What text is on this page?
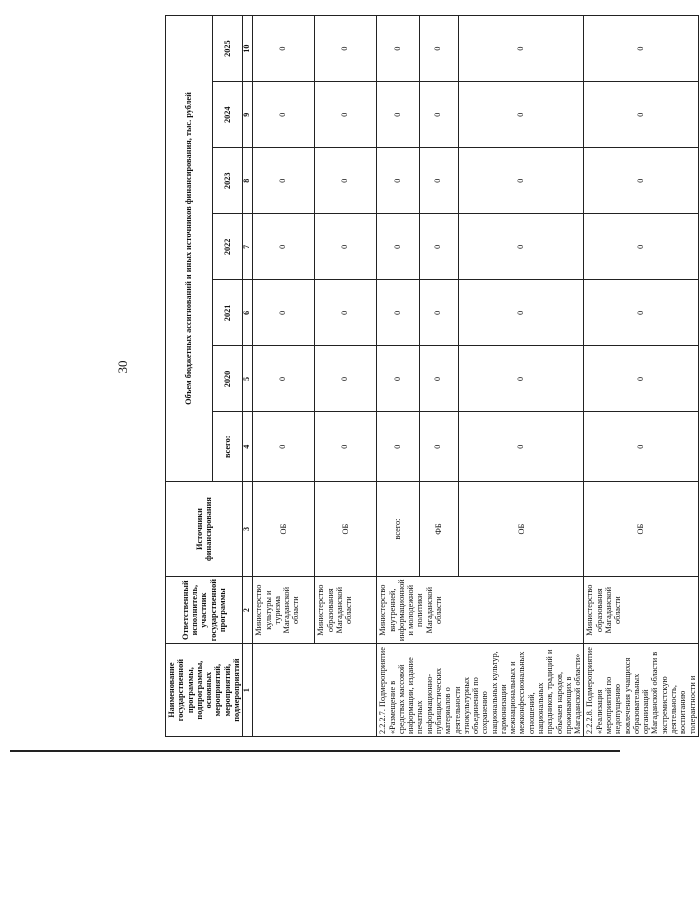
30
Наименование государственной программы, подпрограммы, основных мероприятий, мероприятий, подмероприятий	Ответственный исполнитель, участник государственной программы	Источники финансирования	Объем бюджетных ассигнований и иных источников финансирования, тыс. рублей						
			всего:	2020	2021	2022	2023	2024	2025
1	2	3	4	5	6	7	8	9	10
	Министерство культуры и туризма Магаданской области	ОБ	0	0	0	0	0	0	0
	Министерство образования Магаданской области	ОБ	0	0	0	0	0	0	0
2.2.2.7. Подмероприятие «Размещение в средствах массовой информации, издание печатных информационно-публицистических материалов о деятельности этнокультурных объединений по сохранению национальных культур, гармонизации межнациональных и межконфессиональных отношений, национальных праздников, традиций и обычаев народов, проживающих в Магаданской области»	Министерство внутренней, информационной и молодежной политики Магаданской области	всего:	0	0	0	0	0	0	0
		ФБ	0	0	0	0	0	0	0
		ОБ	0	0	0	0	0	0	0
2.2.2.8. Подмероприятие «Реализация мероприятий по недопущению вовлечения учащихся образовательных организаций Магаданской области в экстремистскую деятельность, воспитанию толерантности и	Министерство образования Магаданской области	ОБ	0	0	0	0	0	0	0
